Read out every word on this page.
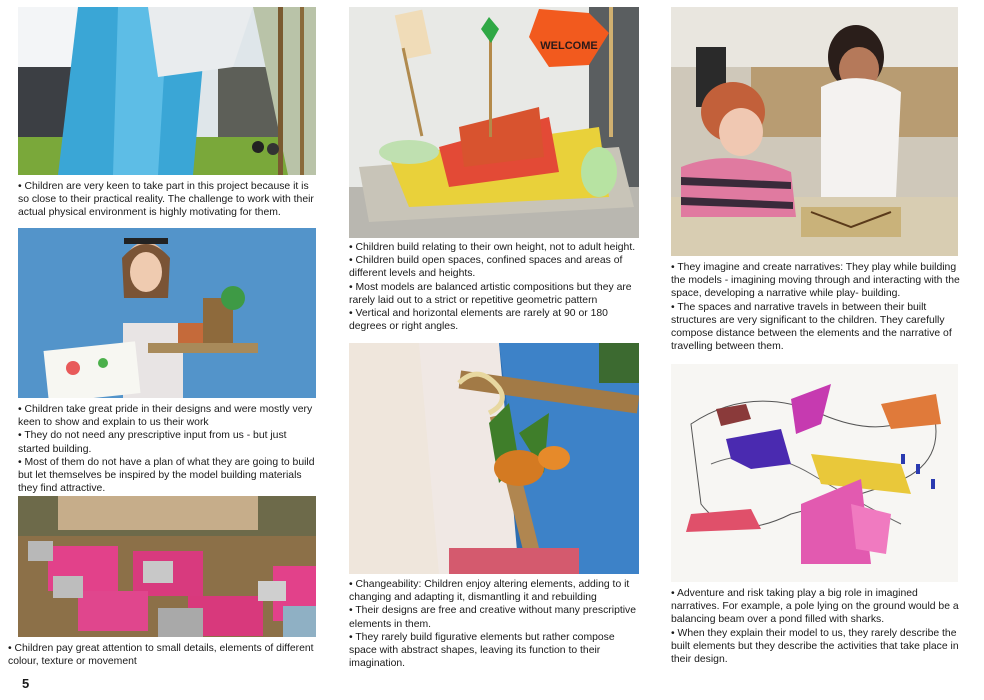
• Children are very keen to take part in this project because it is so close to their practical reality. The challenge to work with their actual physical environment is highly motivating for them.

• Children take great pride in their designs and were mostly very keen to show and explain to us their work

• They do not need any prescriptive input from us - but just started building.

• Most of them do not have a plan of what they are going to build but let themselves be inspired by the model building materials they find attractive.

• Children pay great attention to small details, elements of different colour, texture or movement

WELCOME

• Children build relating to their own height, not to adult height.

• Children build open spaces, confined spaces and areas of different levels and heights.

• Most models are balanced artistic compositions but they are rarely laid out to a strict or repetitive geometric pattern

• Vertical and horizontal elements are rarely at 90 or 180 degrees or right angles.

• Changeability: Children enjoy altering elements, adding to it changing and adapting it, dismantling it and rebuilding

• Their designs are free and creative without many prescriptive elements in them.

• They rarely build figurative elements but rather compose space with abstract shapes, leaving its function to their imagination.

• They imagine and create narratives: They play while building the models - imagining moving through and interacting with the space, developing a narrative while play- building.

• The spaces and narrative travels in between their built structures are very significant to the children. They carefully compose distance between the elements and the narrative of travelling between them.

• Adventure and risk taking play a big role in imagined narratives. For example, a pole lying on the ground would be a balancing beam over a pond filled with sharks.

• When they explain their model to us, they rarely describe the built elements but they describe the activities that take place in their design.

5
